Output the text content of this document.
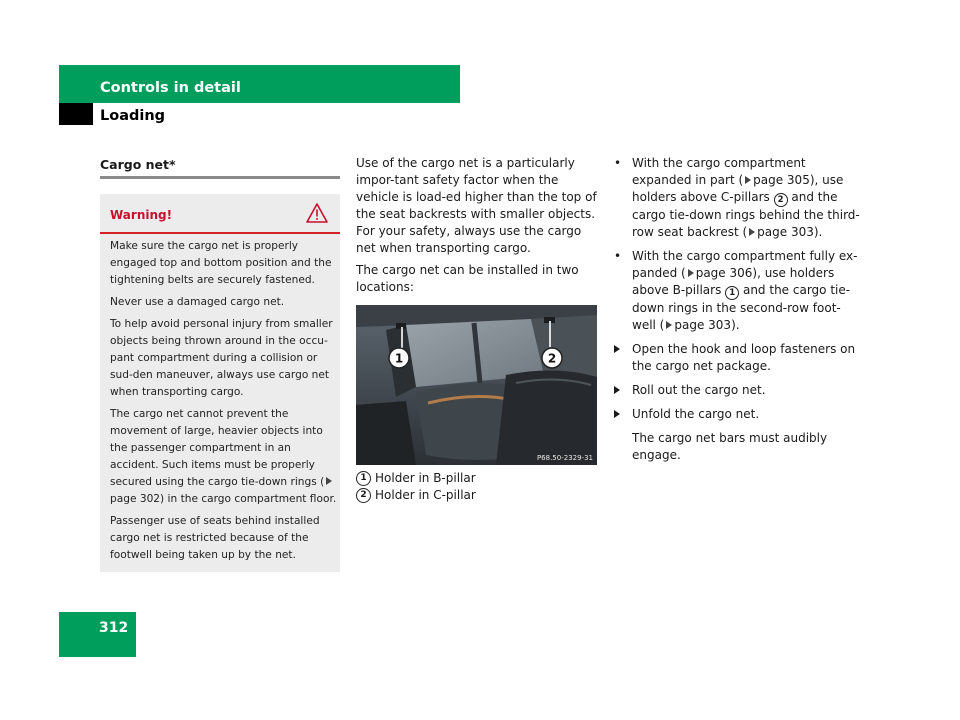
Controls in detail
Loading
Cargo net*
Warning!

Make sure the cargo net is properly engaged top and bottom position and the tightening belts are securely fastened.

Never use a damaged cargo net.

To help avoid personal injury from smaller objects being thrown around in the occu-pant compartment during a collision or sud-den maneuver, always use cargo net when transporting cargo.

The cargo net cannot prevent the movement of large, heavier objects into the passenger compartment in an accident. Such items must be properly secured using the cargo tie-down rings (page 302) in the cargo compartment floor.

Passenger use of seats behind installed cargo net is restricted because of the footwell being taken up by the net.

Use of the cargo net is a particularly impor-tant safety factor when the vehicle is load-ed higher than the top of the seat backrests with smaller objects. For your safety, always use the cargo net when transporting cargo.

The cargo net can be installed in two locations:

1	2
P68.50-2329-31
1 Holder in B-pillar
2 Holder in C-pillar
• With the cargo compartment expanded in part ( page 305), use holders above C-pillars 2 and the cargo tie-down rings behind the third-row seat backrest ( page 303).
• With the cargo compartment fully ex-panded ( page 306), use holders above B-pillars 1 and the cargo tie-down rings in the second-row foot-well ( page 303).
Open the hook and loop fasteners on the cargo net package.
Roll out the cargo net.
Unfold the cargo net.
The cargo net bars must audibly engage.
312
